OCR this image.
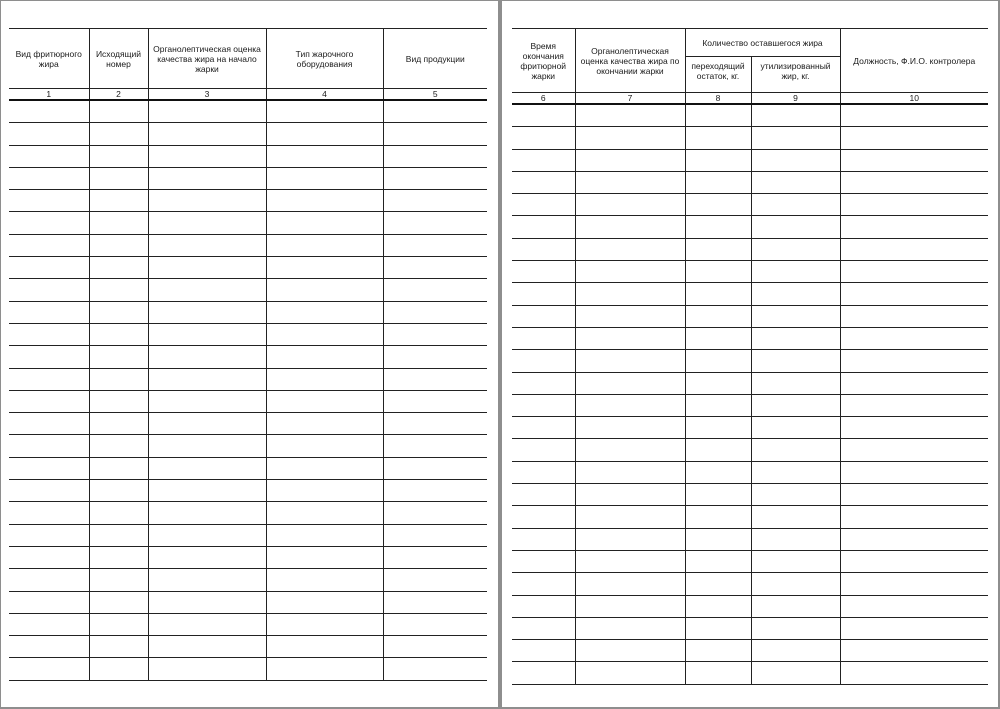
Вид фритюрного жира	Исходящий номер	Органолептическая оценка качества жира на начало жарки	Тип жарочного оборудования	Вид продукции
1	2	3	4	5

Время окончания фритюрной жарки	Органолептическая оценка качества жира по окончании жарки	Количество оставшегося жира		Должность, Ф.И.О. контролера
		переходящий остаток, кг.	утилизированный жир, кг.	
6	7	8	9	10
